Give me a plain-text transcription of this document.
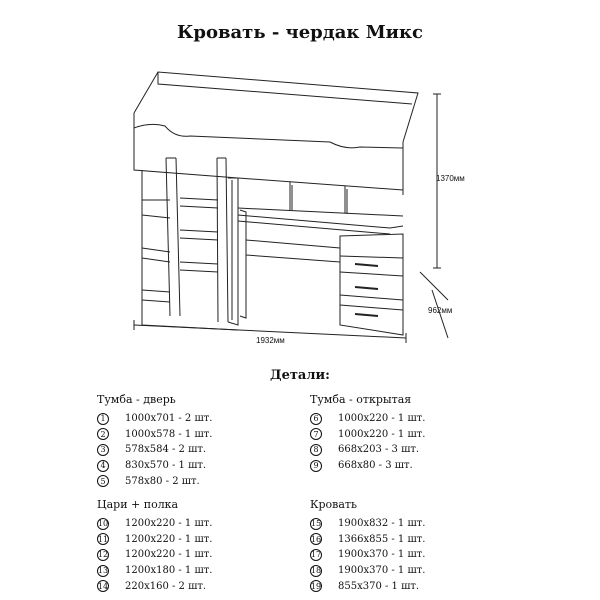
Кровать - чердак Микс
1370мм
962мм
1932мм
Детали:
Тумба - дверь
1	1000x701 - 2 шт.
2	1000x578 - 1 шт.
3	578x584 - 2 шт.
4	830x570 - 1 шт.
5	578x80 - 2 шт.
Тумба - открытая
6	1000x220 - 1 шт.
7	1000x220 - 1 шт.
8	668x203 - 3 шт.
9	668x80 - 3 шт.
Цари + полка
10 1200x220 - 1 шт.
11 1200x220 - 1 шт.
12 1200x220 - 1 шт.
13 1200x180 - 1 шт.
14 220x160 - 2 шт.
Кровать
15 1900x832 - 1 шт.
16 1366x855 - 1 шт.
17 1900x370 - 1 шт.
18 1900x370 - 1 шт.
19 855x370 - 1 шт.
